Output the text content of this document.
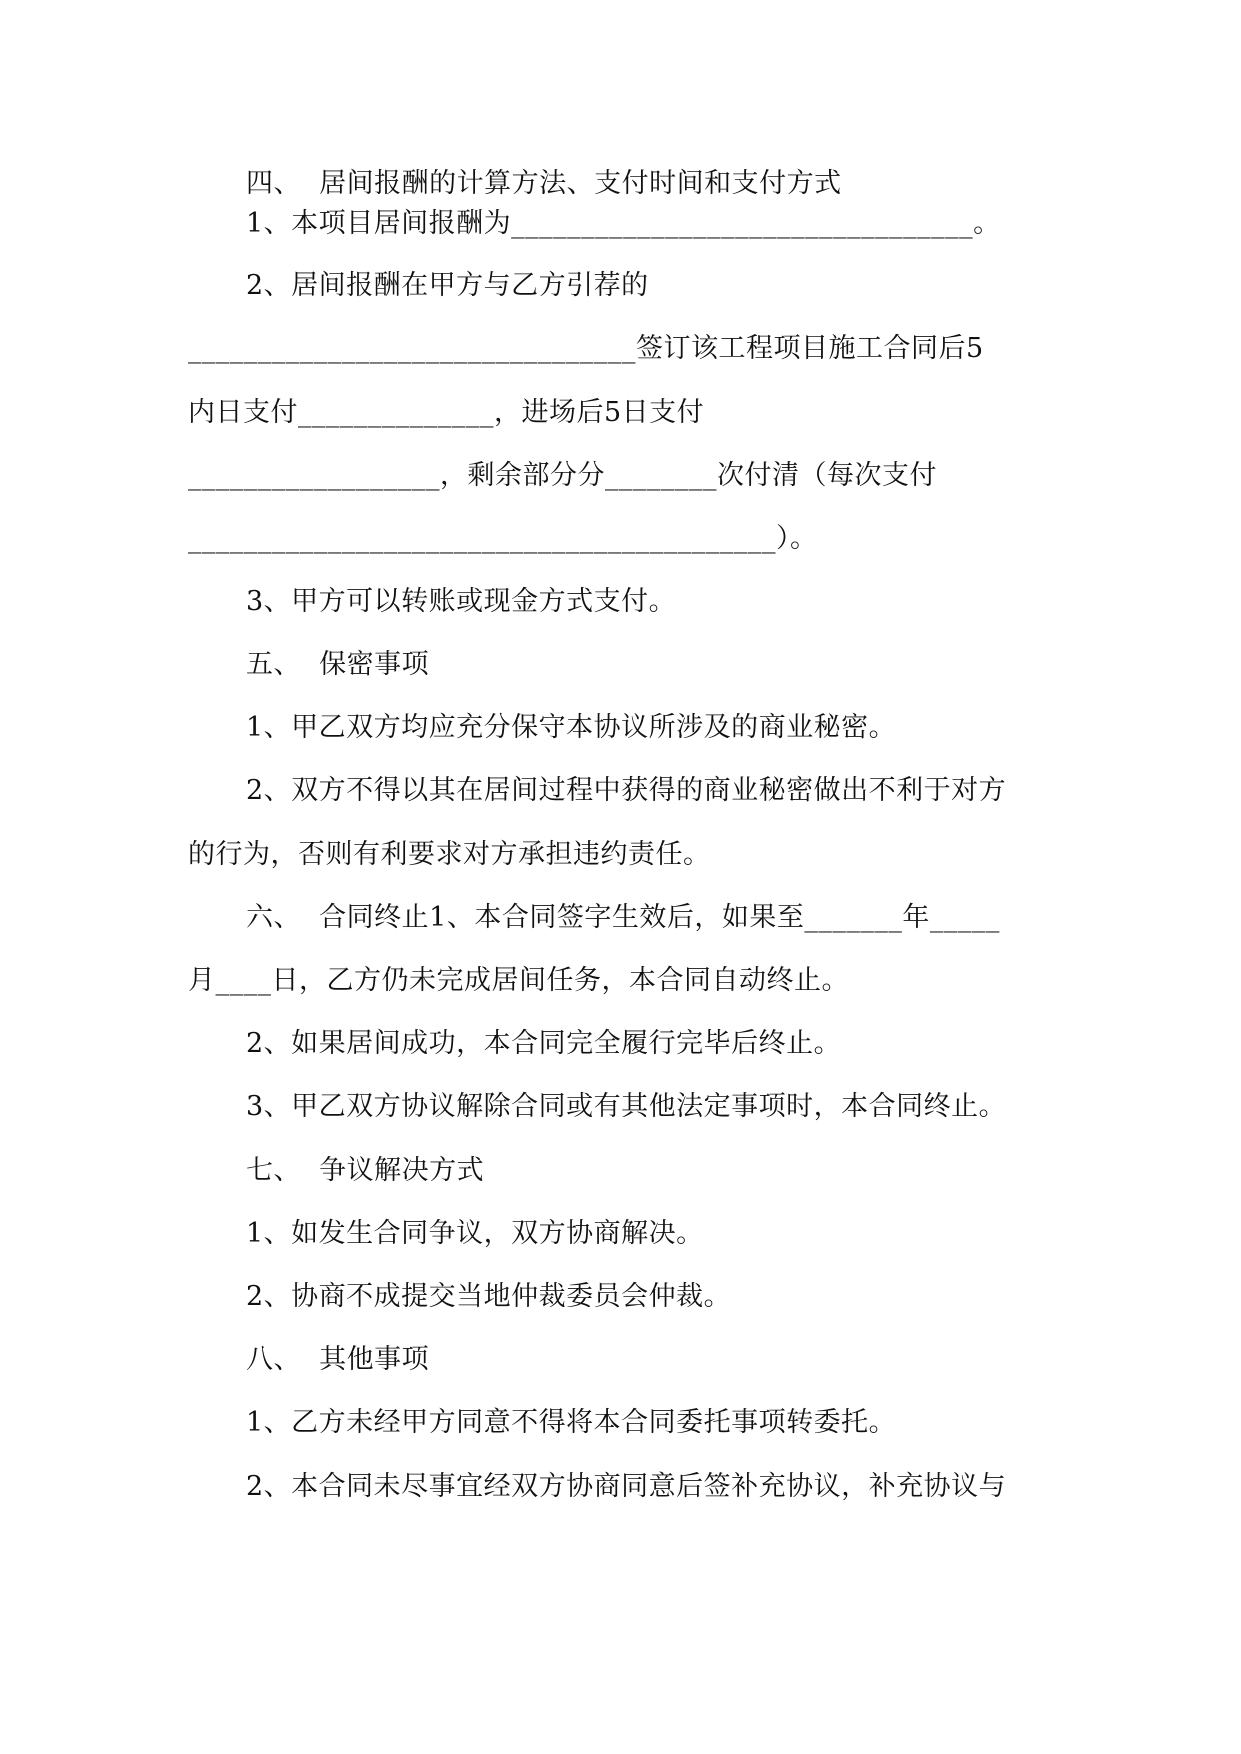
四、  居间报酬的计算方法、支付时间和支付方式
1、本项目居间报酬为_________________________________。
2、居间报酬在甲方与乙方引荐的
________________________________签订该工程项目施工合同后5
内日支付______________，进场后5日支付
__________________，剩余部分分________次付清（每次支付
__________________________________________）。
3、甲方可以转账或现金方式支付。
五、  保密事项
1、甲乙双方均应充分保守本协议所涉及的商业秘密。
2、双方不得以其在居间过程中获得的商业秘密做出不利于对方
的行为，否则有利要求对方承担违约责任。
六、  合同终止1、本合同签字生效后，如果至_______年_____
月____日，乙方仍未完成居间任务，本合同自动终止。
2、如果居间成功，本合同完全履行完毕后终止。
3、甲乙双方协议解除合同或有其他法定事项时，本合同终止。
七、  争议解决方式
1、如发生合同争议，双方协商解决。
2、协商不成提交当地仲裁委员会仲裁。
八、  其他事项
1、乙方未经甲方同意不得将本合同委托事项转委托。
2、本合同未尽事宜经双方协商同意后签补充协议，补充协议与
